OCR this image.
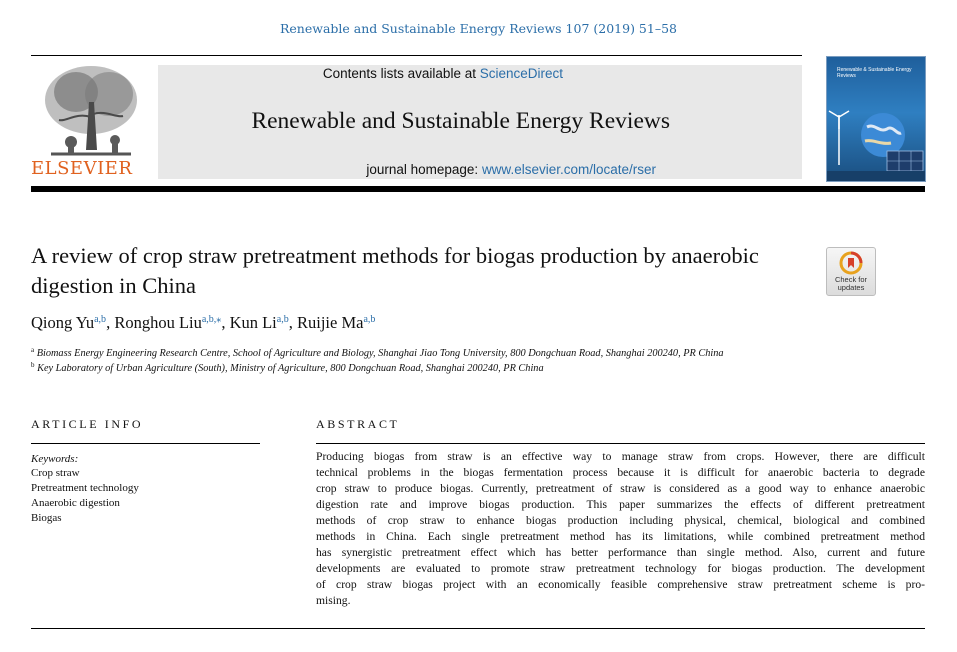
Renewable and Sustainable Energy Reviews 107 (2019) 51–58
ELSEVIER
Contents lists available at ScienceDirect
Renewable and Sustainable Energy Reviews
journal homepage: www.elsevier.com/locate/rser
Renewable & Sustainable Energy Reviews
A review of crop straw pretreatment methods for biogas production by anaerobic digestion in China	Check for updates
Qiong Yu$^{a,b}$, Ronghou Liu$^{a,b,⁎}$, Kun Li$^{a,b}$, Ruijie Ma$^{a,b}$
$^a$ Biomass Energy Engineering Research Centre, School of Agriculture and Biology, Shanghai Jiao Tong University, 800 Dongchuan Road, Shanghai 200240, PR China
$^b$ Key Laboratory of Urban Agriculture (South), Ministry of Agriculture, 800 Dongchuan Road, Shanghai 200240, PR China
ARTICLE INFO
Keywords:
Crop straw
Pretreatment technology
Anaerobic digestion
Biogas
ABSTRACT
Producing biogas from straw is an effective way to manage straw from crops. However, there are difficult
technical problems in the biogas fermentation process because it is difficult for anaerobic bacteria to degrade
crop straw to produce biogas. Currently, pretreatment of straw is considered as a good way to enhance anaerobic
digestion rate and improve biogas production. This paper summarizes the effects of different pretreatment
methods of crop straw to enhance biogas production including physical, chemical, biological and combined
methods in China. Each single pretreatment method has its limitations, while combined pretreatment method
has synergistic pretreatment effect which has better performance than single method. Also, current and future
developments are evaluated to promote straw pretreatment technology for biogas production. The development
of crop straw biogas project with an economically feasible comprehensive straw pretreatment scheme is pro-
mising.
